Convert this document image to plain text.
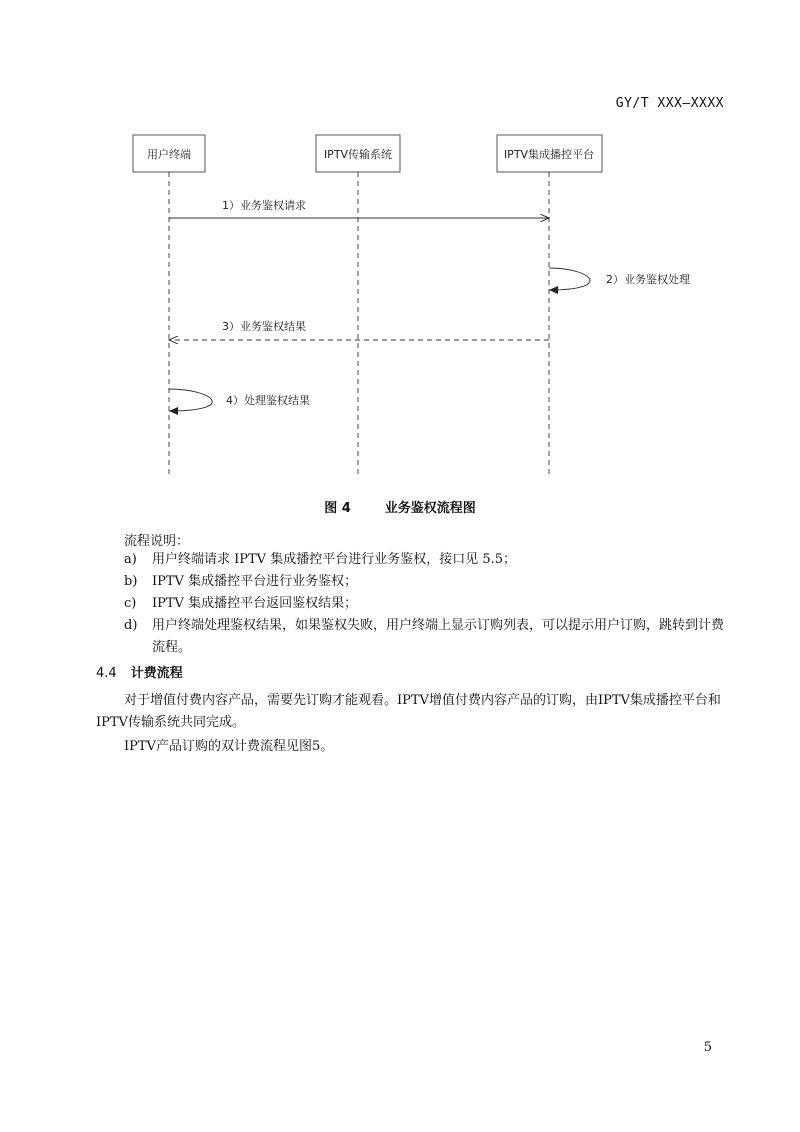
GY/T XXX—XXXX
用户终端	IPTV传输系统	IPTV集成播控平台
1）业务鉴权请求
2）业务鉴权处理
3）业务鉴权结果
4）处理鉴权结果
图 4	业务鉴权流程图
流程说明：
a) 用户终端请求 IPTV 集成播控平台进行业务鉴权，接口见 5.5；
b) IPTV 集成播控平台进行业务鉴权；
c) IPTV 集成播控平台返回鉴权结果；
d) 用户终端处理鉴权结果，如果鉴权失败，用户终端上显示订购列表，可以提示用户订购，跳转到计费流程。
4.4 计费流程
对于增值付费内容产品，需要先订购才能观看。IPTV增值付费内容产品的订购，由IPTV集成播控平台和IPTV传输系统共同完成。
IPTV产品订购的双计费流程见图5。
5
